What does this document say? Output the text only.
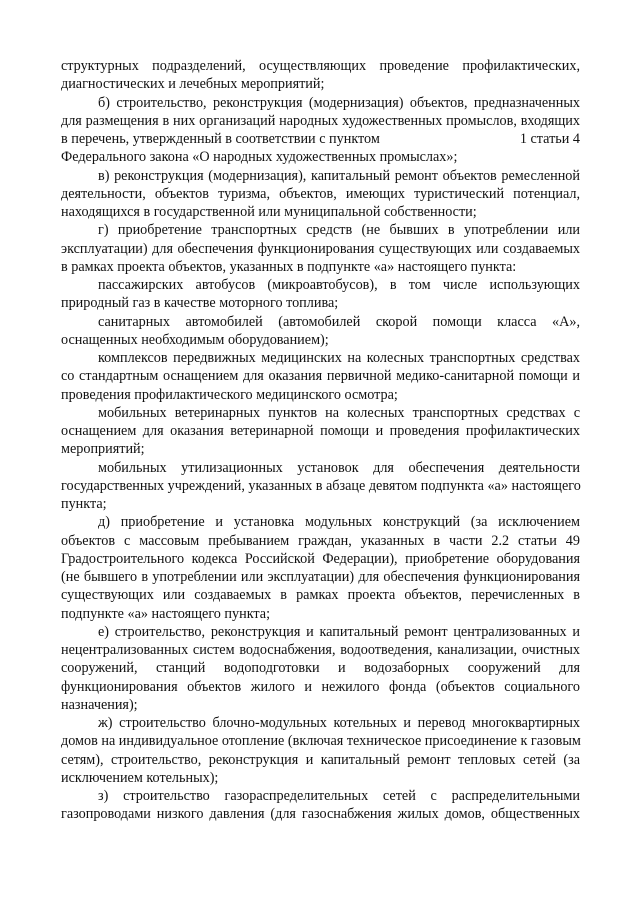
структурных подразделений, осуществляющих проведение профилактических,
диагностических и лечебных мероприятий;
б) строительство, реконструкция (модернизация) объектов, предназначенных
для размещения в них организаций народных художественных промыслов, входящих
в перечень, утвержденный в соответствии с пунктом	1 статьи 4
Федерального закона «О народных художественных промыслах»;
в) реконструкция (модернизация), капитальный ремонт объектов ремесленной
деятельности, объектов туризма, объектов, имеющих туристический потенциал,
находящихся в государственной или муниципальной собственности;
г) приобретение транспортных средств (не бывших в употреблении или
эксплуатации) для обеспечения функционирования существующих или создаваемых
в рамках проекта объектов, указанных в подпункте «а» настоящего пункта:
пассажирских автобусов (микроавтобусов), в том числе использующих
природный газ в качестве моторного топлива;
санитарных автомобилей (автомобилей скорой помощи класса «А»,
оснащенных необходимым оборудованием);
комплексов передвижных медицинских на колесных транспортных средствах
со стандартным оснащением для оказания первичной медико-санитарной помощи и
проведения профилактического медицинского осмотра;
мобильных ветеринарных пунктов на колесных транспортных средствах с
оснащением для оказания ветеринарной помощи и проведения профилактических
мероприятий;
мобильных утилизационных установок для обеспечения деятельности
государственных учреждений, указанных в абзаце девятом подпункта «а» настоящего
пункта;
д) приобретение и установка модульных конструкций (за исключением
объектов с массовым пребыванием граждан, указанных в части 2.2 статьи 49
Градостроительного кодекса Российской Федерации), приобретение оборудования
(не бывшего в употреблении или эксплуатации) для обеспечения функционирования
существующих или создаваемых в рамках проекта объектов, перечисленных в
подпункте «а» настоящего пункта;
е) строительство, реконструкция и капитальный ремонт централизованных и
нецентрализованных систем водоснабжения, водоотведения, канализации, очистных
сооружений, станций водоподготовки и водозаборных сооружений для
функционирования объектов жилого и нежилого фонда (объектов социального
назначения);
ж) строительство блочно-модульных котельных и перевод многоквартирных
домов на индивидуальное отопление (включая техническое присоединение к газовым
сетям), строительство, реконструкция и капитальный ремонт тепловых сетей (за
исключением котельных);
з) строительство газораспределительных сетей с распределительными
газопроводами низкого давления (для газоснабжения жилых домов, общественных
